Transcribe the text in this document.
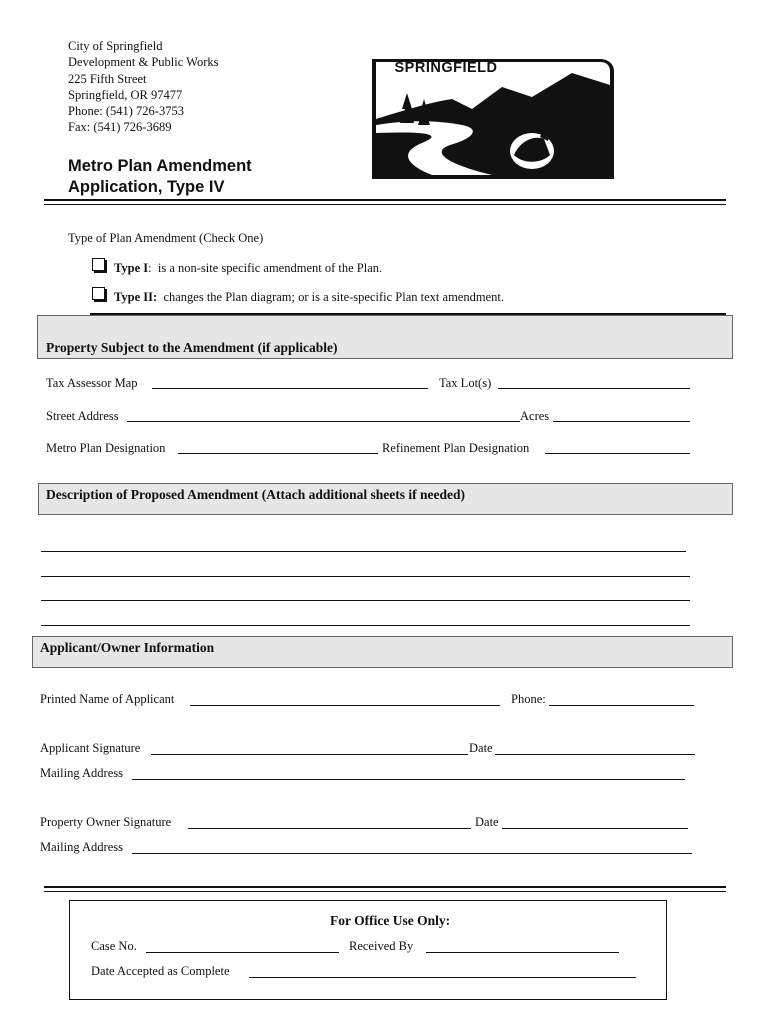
City of Springfield
Development & Public Works
225 Fifth Street
Springfield, OR 97477
Phone: (541) 726-3753
Fax: (541) 726-3689
SPRINGFIELD
Metro Plan Amendment
Application, Type IV
Type of Plan Amendment (Check One)
Type I:  is a non-site specific amendment of the Plan.
Type II: changes the Plan diagram; or is a site-specific Plan text amendment.
Property Subject to the Amendment (if applicable)
Tax Assessor Map	Tax Lot(s)
Street Address	Acres
Metro Plan Designation	Refinement Plan Designation
Description of Proposed Amendment (Attach additional sheets if needed)
Applicant/Owner Information
Printed Name of Applicant	Phone:
Applicant Signature	Date
Mailing Address
Property Owner Signature	Date
Mailing Address
For Office Use Only:
Case No.	Received By
Date Accepted as Complete
